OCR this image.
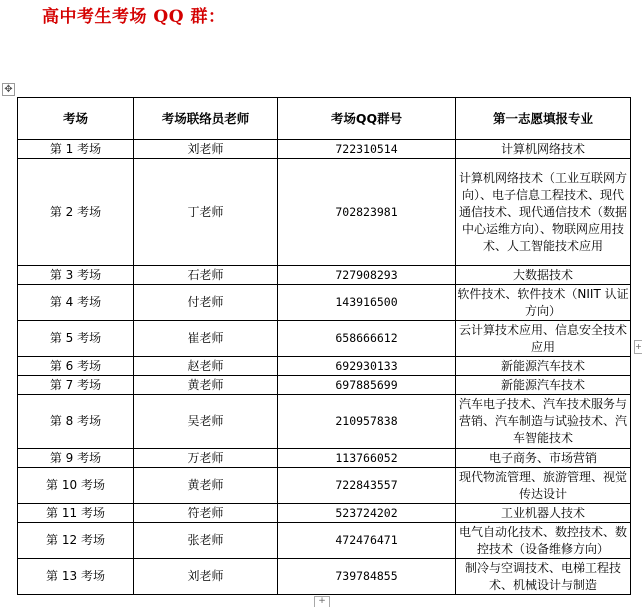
高中考生考场 QQ 群：
✥
考场	考场联络员老师	考场QQ群号	第一志愿填报专业
第 1 考场	刘老师	722310514	计算机网络技术
第 2 考场	丁老师	702823981	计算机网络技术（工业互联网方向）、电子信息工程技术、现代通信技术、现代通信技术（数据中心运维方向）、物联网应用技术、人工智能技术应用
第 3 考场	石老师	727908293	大数据技术
第 4 考场	付老师	143916500	软件技术、软件技术（NIIT 认证方向）
第 5 考场	崔老师	658666612	云计算技术应用、信息安全技术应用
第 6 考场	赵老师	692930133	新能源汽车技术
第 7 考场	黄老师	697885699	新能源汽车技术
第 8 考场	吴老师	210957838	汽车电子技术、汽车技术服务与营销、汽车制造与试验技术、汽车智能技术
第 9 考场	万老师	113766052	电子商务、市场营销
第 10 考场	黄老师	722843557	现代物流管理、旅游管理、视觉传达设计
第 11 考场	符老师	523724202	工业机器人技术
第 12 考场	张老师	472476471	电气自动化技术、数控技术、数控技术（设备维修方向）
第 13 考场	刘老师	739784855	制冷与空调技术、电梯工程技术、机械设计与制造
+
+
